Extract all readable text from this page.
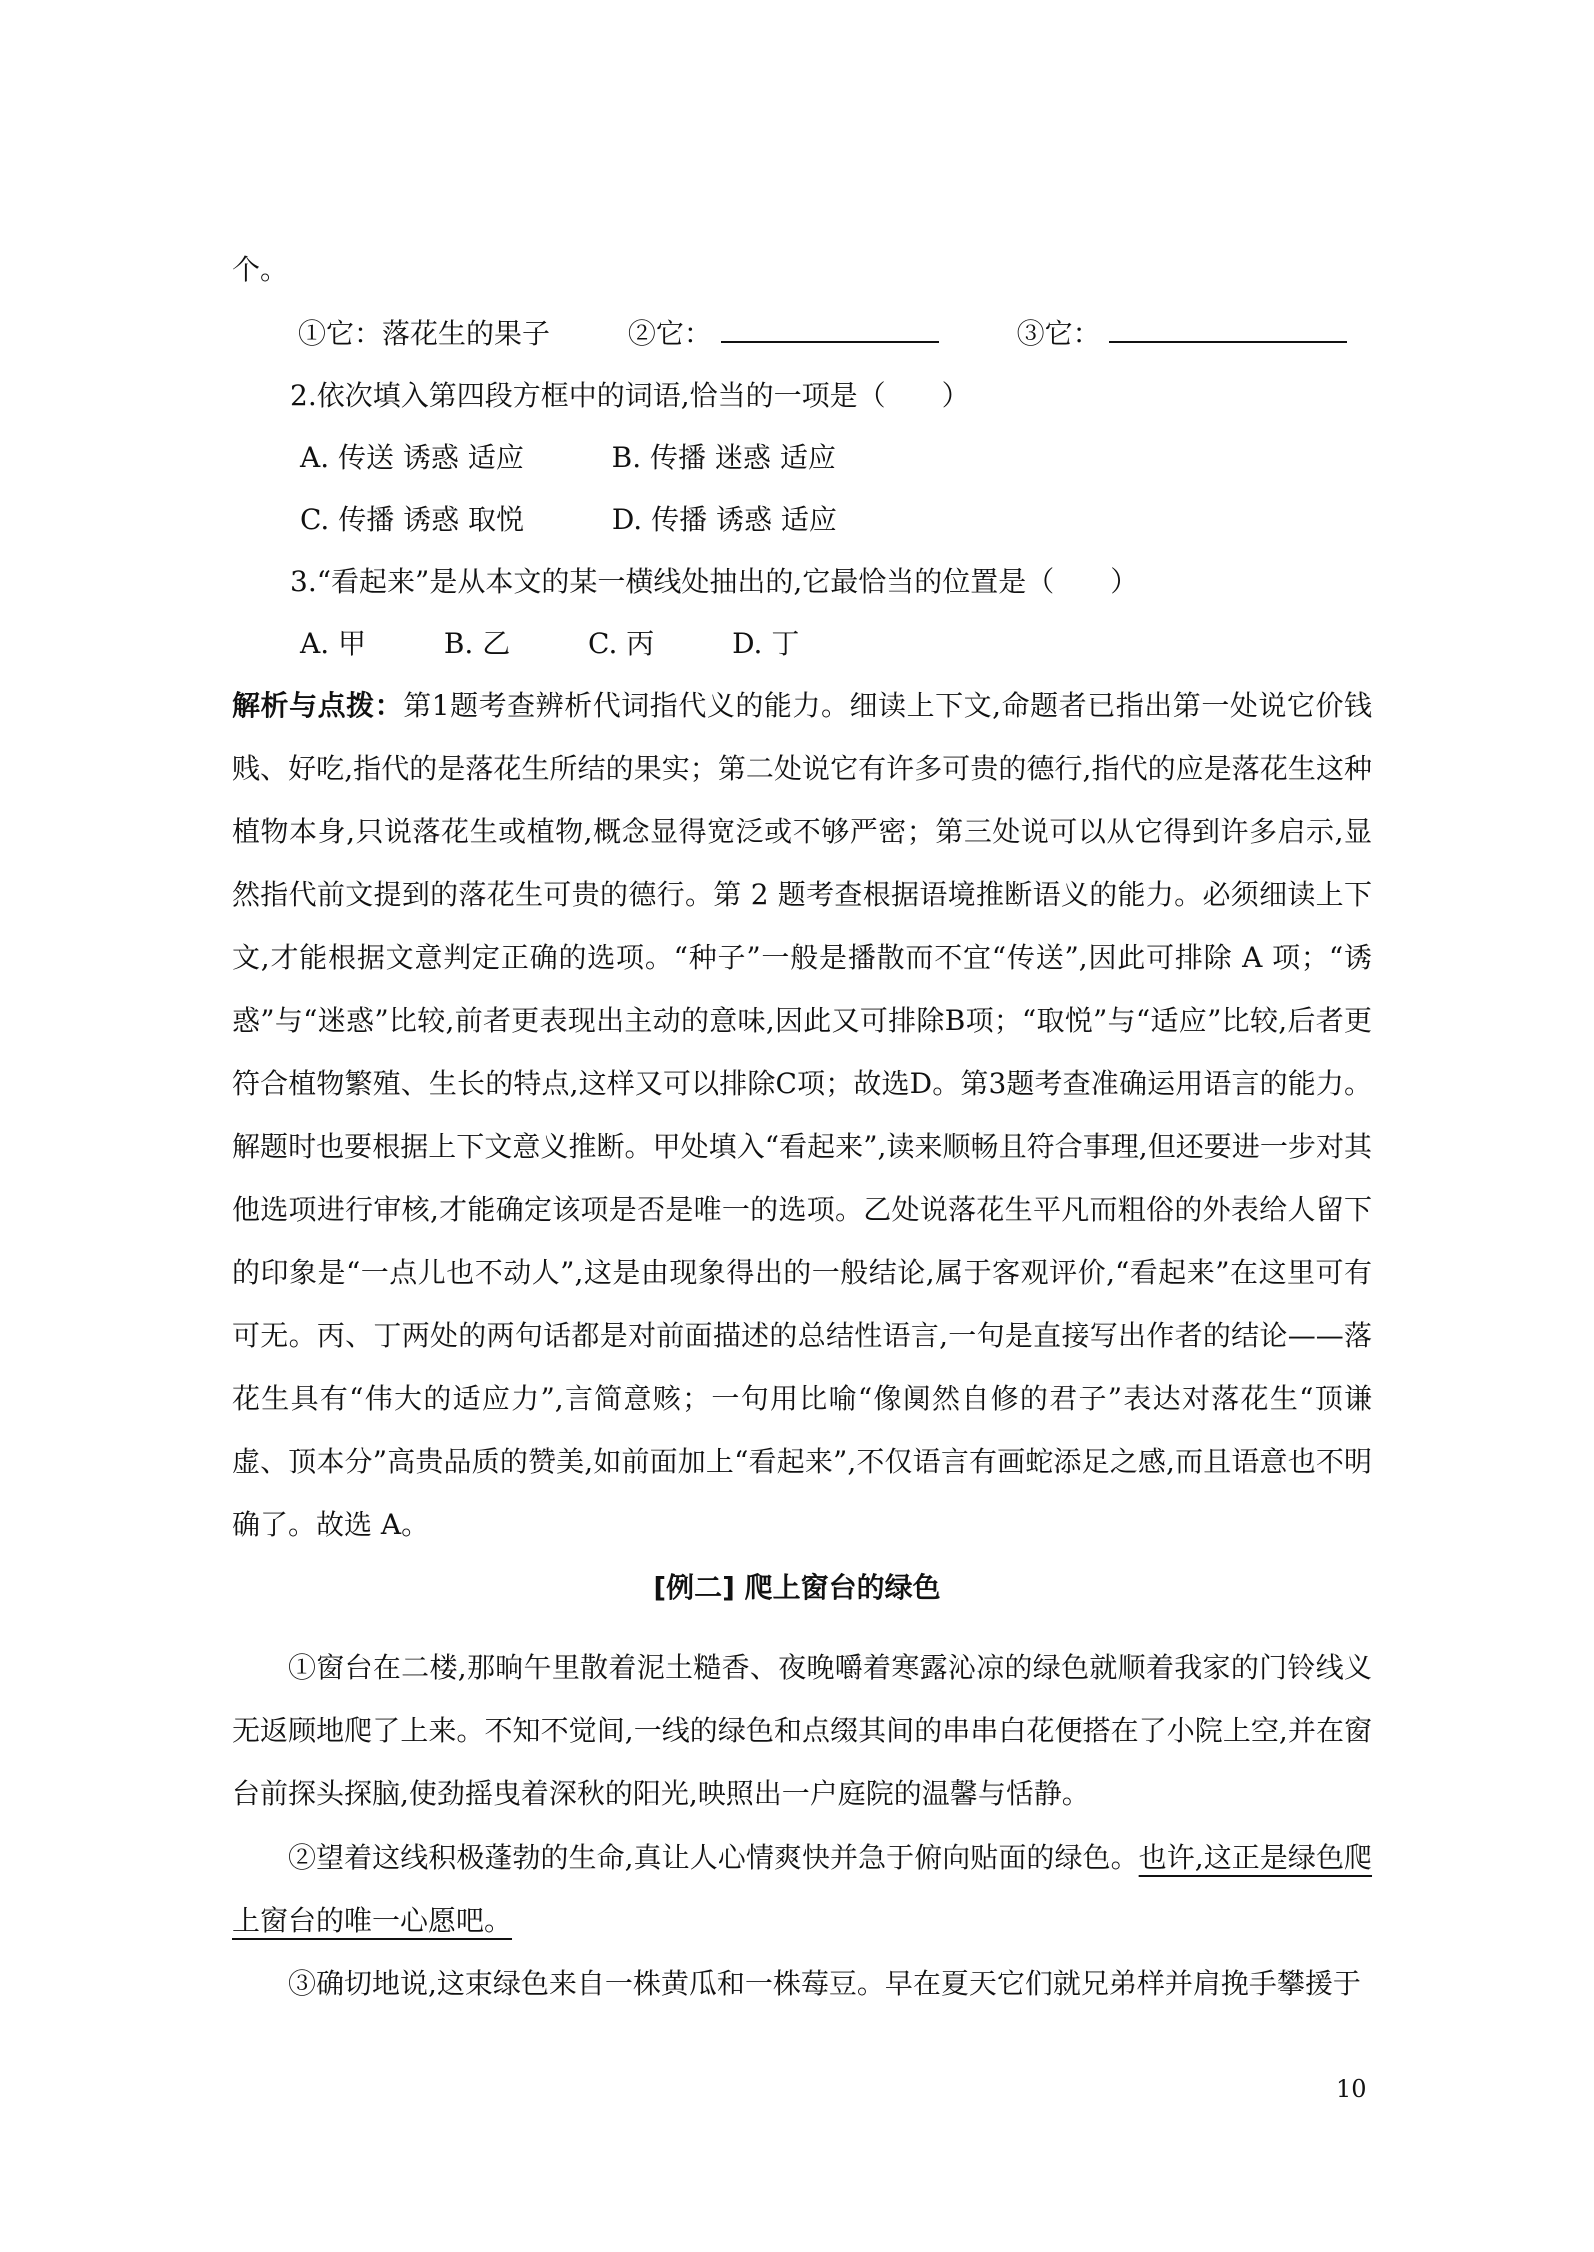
个。
①它：落花生的果子	②它：	③它：
2.依次填入第四段方框中的词语,恰当的一项是（　　）
A. 传送 诱惑 适应	B. 传播 迷惑 适应
C. 传播 诱惑 取悦	D. 传播 诱惑 适应
3.“看起来”是从本文的某一横线处抽出的,它最恰当的位置是（　　）
A. 甲	B. 乙	C. 丙	D. 丁
解析与点拨：第1题考查辨析代词指代义的能力。细读上下文,命题者已指出第一处说它价钱贱、好吃,指代的是落花生所结的果实；第二处说它有许多可贵的德行,指代的应是落花生这种植物本身,只说落花生或植物,概念显得宽泛或不够严密；第三处说可以从它得到许多启示,显然指代前文提到的落花生可贵的德行。第 2 题考查根据语境推断语义的能力。必须细读上下文,才能根据文意判定正确的选项。“种子”一般是播散而不宜“传送”,因此可排除 A 项；“诱惑”与“迷惑”比较,前者更表现出主动的意味,因此又可排除B项；“取悦”与“适应”比较,后者更符合植物繁殖、生长的特点,这样又可以排除C项；故选D。第3题考查准确运用语言的能力。解题时也要根据上下文意义推断。甲处填入“看起来”,读来顺畅且符合事理,但还要进一步对其他选项进行审核,才能确定该项是否是唯一的选项。乙处说落花生平凡而粗俗的外表给人留下的印象是“一点儿也不动人”,这是由现象得出的一般结论,属于客观评价,“看起来”在这里可有可无。丙、丁两处的两句话都是对前面描述的总结性语言,一句是直接写出作者的结论——落花生具有“伟大的适应力”,言简意赅；一句用比喻“像阒然自修的君子”表达对落花生“顶谦虚、顶本分”高贵品质的赞美,如前面加上“看起来”,不仅语言有画蛇添足之感,而且语意也不明确了。故选 A。
[例二] 爬上窗台的绿色
①窗台在二楼,那晌午里散着泥土糙香、夜晚嚼着寒露沁凉的绿色就顺着我家的门铃线义无返顾地爬了上来。不知不觉间,一线的绿色和点缀其间的串串白花便搭在了小院上空,并在窗台前探头探脑,使劲摇曳着深秋的阳光,映照出一户庭院的温馨与恬静。
②望着这线积极蓬勃的生命,真让人心情爽快并急于俯向贴面的绿色。也许,这正是绿色爬上窗台的唯一心愿吧。
③确切地说,这束绿色来自一株黄瓜和一株莓豆。早在夏天它们就兄弟样并肩挽手攀援于
10
